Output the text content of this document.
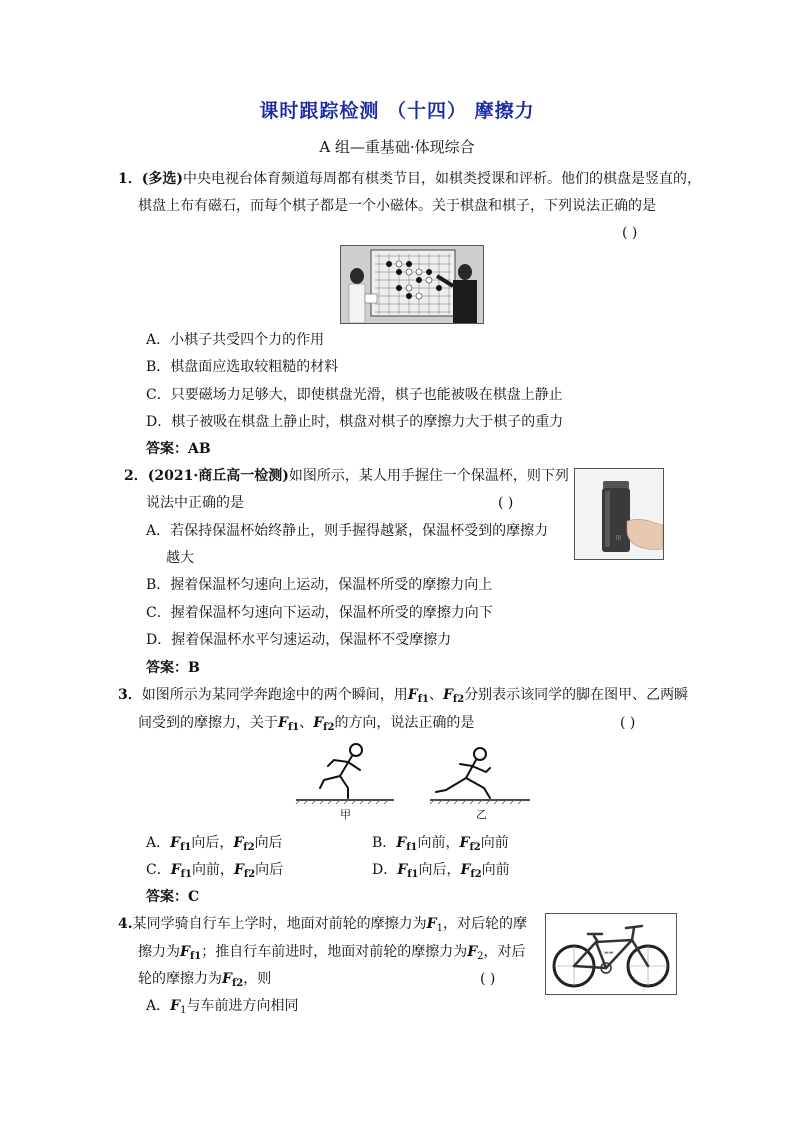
课时跟踪检测 （十四） 摩擦力
A 组—重基础·体现综合
1．(多选)中央电视台体育频道每周都有棋类节目，如棋类授课和评析。他们的棋盘是竖直的，
棋盘上布有磁石，而每个棋子都是一个小磁体。关于棋盘和棋子，下列说法正确的是
( )
A．小棋子共受四个力的作用
B．棋盘面应选取较粗糙的材料
C．只要磁场力足够大，即使棋盘光滑，棋子也能被吸在棋盘上静止
D．棋子被吸在棋盘上静止时，棋盘对棋子的摩擦力大于棋子的重力
答案：AB
2．(2021·商丘高一检测)如图所示，某人用手握住一个保温杯，则下列
说法中正确的是	( )
|||
A．若保持保温杯始终静止，则手握得越紧，保温杯受到的摩擦力
越大
B．握着保温杯匀速向上运动，保温杯所受的摩擦力向上
C．握着保温杯匀速向下运动，保温杯所受的摩擦力向下
D．握着保温杯水平匀速运动，保温杯不受摩擦力
答案：B
3．如图所示为某同学奔跑途中的两个瞬间，用$F_{f1}$、$F_{f2}$分别表示该同学的脚在图甲、乙两瞬
间受到的摩擦力，关于$F_{f1}$、$F_{f2}$的方向，说法正确的是	( )
甲	乙
A．$F_{f1}$向后，$F_{f2}$向后	B．$F_{f1}$向前，$F_{f2}$向前
C．$F_{f1}$向前，$F_{f2}$向后	D．$F_{f1}$向后，$F_{f2}$向前
答案：C
4.某同学骑自行车上学时，地面对前轮的摩擦力为$F_1$，对后轮的摩
擦力为$F_{f1}$；推自行车前进时，地面对前轮的摩擦力为$F_2$，对后
轮的摩擦力为$F_{f2}$，则	( )
▬▬
A．$F_1$与车前进方向相同
